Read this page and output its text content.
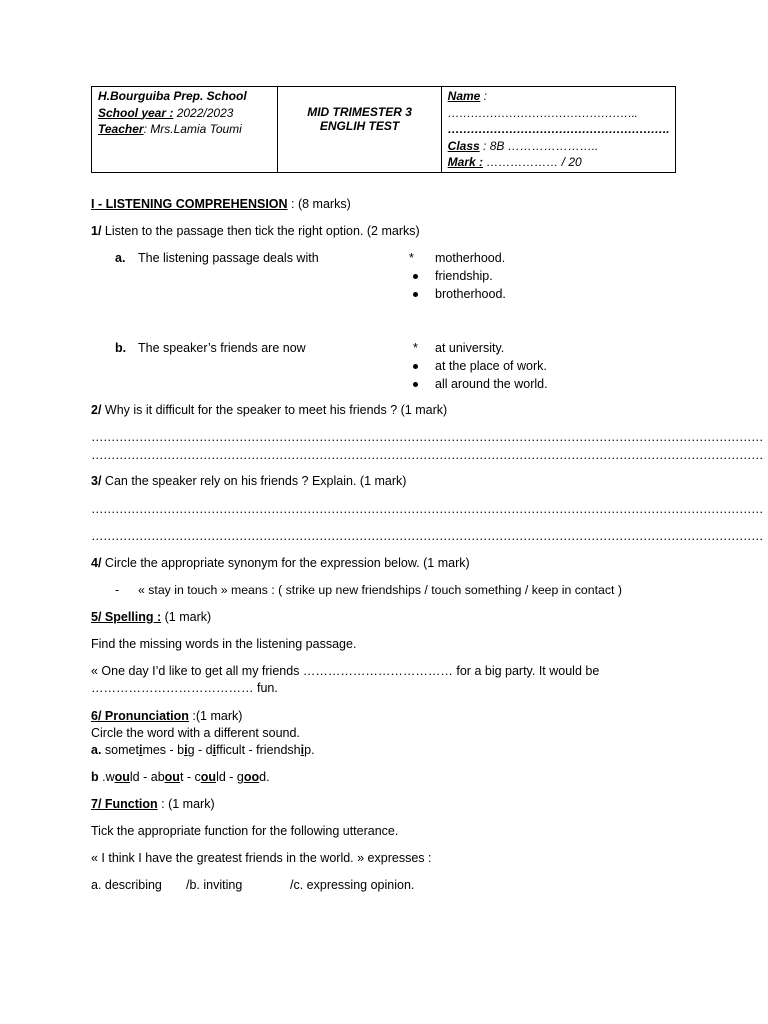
H.Bourguiba Prep. School
School year : 2022/2023
Teacher: Mrs.Lamia Toumi

MID TRIMESTER 3
ENGLIH TEST

Name :
…………………………………………..
………………………………………………….
Class : 8B …………………..
Mark : ……………… / 20
I - LISTENING COMPREHENSION : (8 marks)
1/ Listen to the passage then tick the right option. (2 marks)
a. The listening passage deals with	* motherhood.
friendship.
brotherhood.
b. The speaker’s friends are now	* at university.
at the place of work.
all around the world.
2/ Why is it difficult for the speaker to meet his friends ? (1 mark)
……………………………………………………………………………………………………………………………………………………
……………………………………………………………………………………………………………………………………………………
3/ Can the speaker rely on his friends ? Explain. (1 mark)
……………………………………………………………………………………………………………………………………………………
……………………………………………………………………………………………………………………………………………………
4/ Circle the appropriate synonym for the expression below. (1 mark)
- « stay in touch » means : ( strike up new friendships / touch something / keep in contact )
5/ Spelling : (1 mark)
Find the missing words in the listening passage.
« One day I’d like to get all my friends ……………………………… for a big party. It would be
………………………………… fun.
6/ Pronunciation :(1 mark)
Circle the word with a different sound.
a. sometimes - big - difficult - friendship.
b .would - about - could - good.
7/ Function : (1 mark)
Tick the appropriate function for the following utterance.
« I think I have the greatest friends in the world. » expresses :
a. describing /b. inviting	/c. expressing opinion.
